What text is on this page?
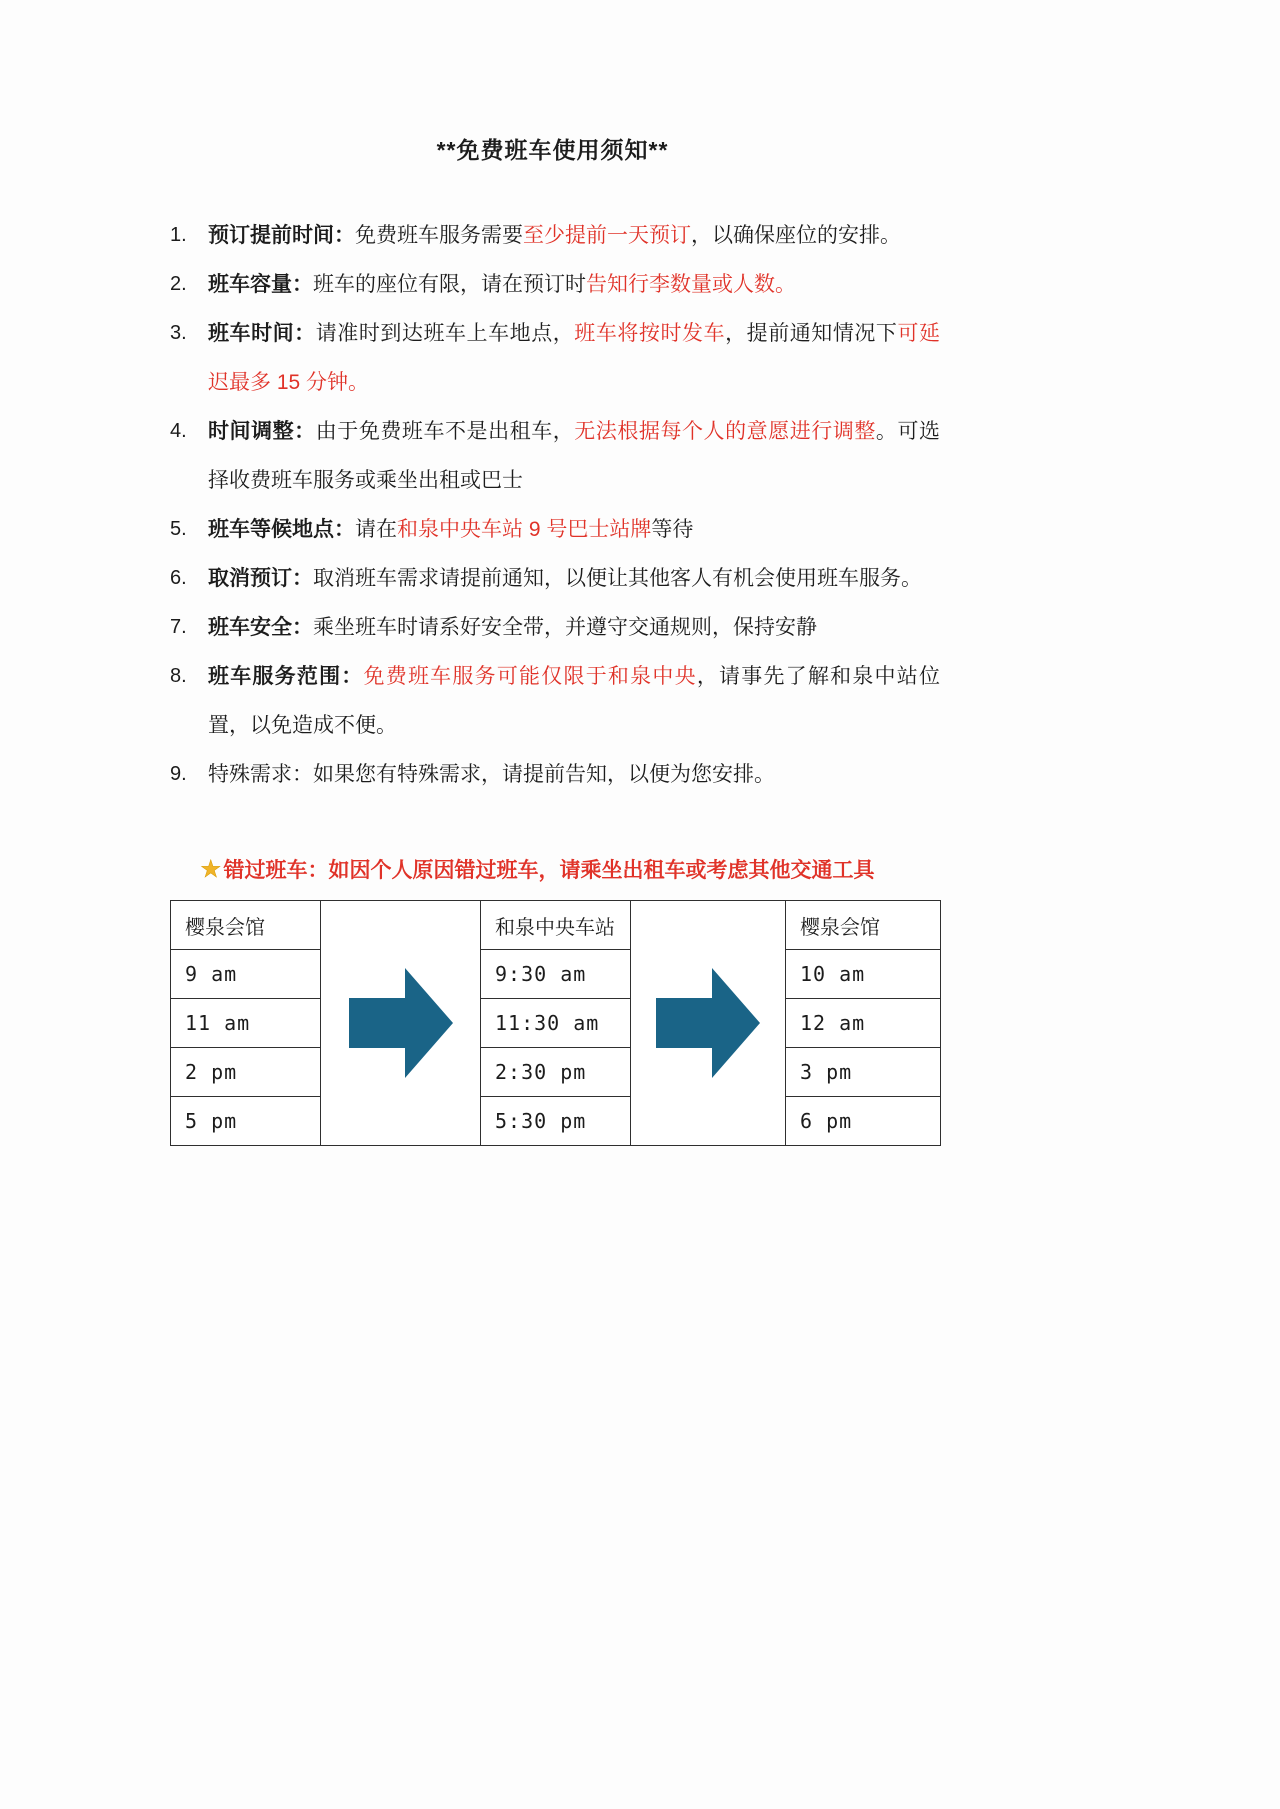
**免费班车使用须知**
1.	预订提前时间：免费班车服务需要至少提前一天预订，以确保座位的安排。
2.	班车容量：班车的座位有限，请在预订时告知行李数量或人数。
3.	班车时间：请准时到达班车上车地点，班车将按时发车，提前通知情况下可延迟最多 15 分钟。
4.	时间调整：由于免费班车不是出租车，无法根据每个人的意愿进行调整。可选择收费班车服务或乘坐出租或巴士
5.	班车等候地点：请在和泉中央车站 9 号巴士站牌等待
6.	取消预订：取消班车需求请提前通知，以便让其他客人有机会使用班车服务。
7.	班车安全：乘坐班车时请系好安全带，并遵守交通规则，保持安静
8.	班车服务范围：免费班车服务可能仅限于和泉中央，请事先了解和泉中站位置，以免造成不便。
9.	特殊需求：如果您有特殊需求，请提前告知，以便为您安排。

★错过班车：如因个人原因错过班车，请乘坐出租车或考虑其他交通工具

樱泉会馆		和泉中央车站		樱泉会馆
9 am		9:30 am		10 am
11 am		11:30 am		12 am
2 pm		2:30 pm		3 pm
5 pm		5:30 pm		6 pm
